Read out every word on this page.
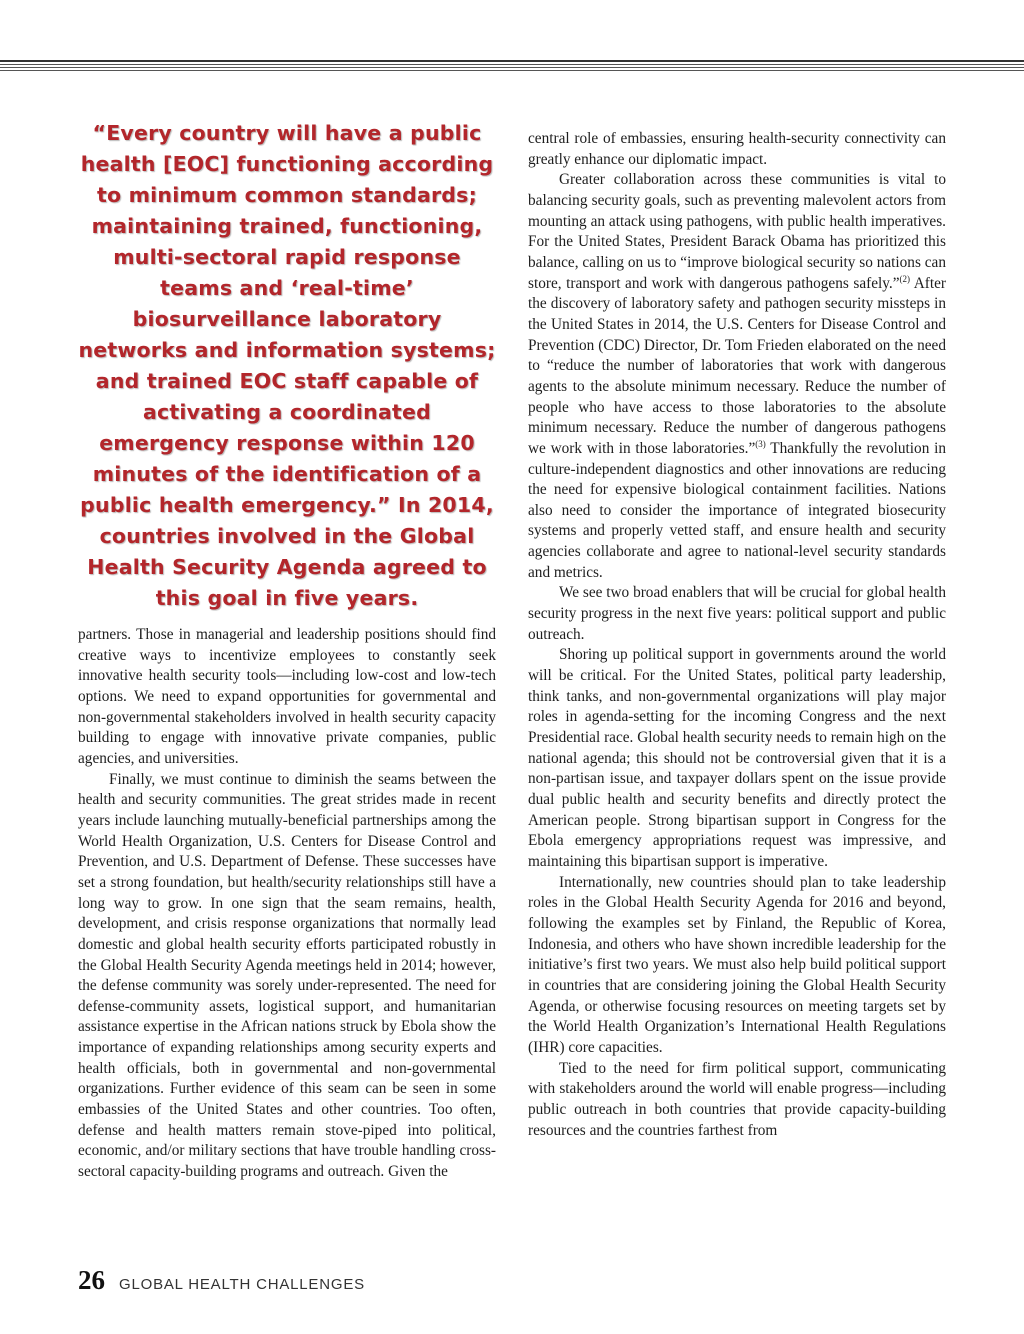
“Every country will have a public health [EOC] functioning according to minimum common standards; maintaining trained, functioning, multi-sectoral rapid response teams and ‘real-time’ biosurveillance laboratory networks and information systems; and trained EOC staff capable of activating a coordinated emergency response within 120 minutes of the identification of a public health emergency.” In 2014, countries involved in the Global Health Security Agenda agreed to this goal in five years.

partners. Those in managerial and leadership positions should find creative ways to incentivize employees to constantly seek innovative health security tools—including low-cost and low-tech options. We need to expand opportunities for governmental and non-governmental stakeholders involved in health security capacity building to engage with innovative private companies, public agencies, and universities.

Finally, we must continue to diminish the seams between the health and security communities. The great strides made in recent years include launching mutually-beneficial partnerships among the World Health Organization, U.S. Centers for Disease Control and Prevention, and U.S. Department of Defense. These successes have set a strong foundation, but health/security relationships still have a long way to grow. In one sign that the seam remains, health, development, and crisis response organizations that normally lead domestic and global health security efforts participated robustly in the Global Health Security Agenda meetings held in 2014; however, the defense community was sorely under-represented. The need for defense-community assets, logistical support, and humanitarian assistance expertise in the African nations struck by Ebola show the importance of expanding relationships among security experts and health officials, both in governmental and non-governmental organizations. Further evidence of this seam can be seen in some embassies of the United States and other countries. Too often, defense and health matters remain stove-piped into political, economic, and/or military sections that have trouble handling cross-sectoral capacity-building programs and outreach. Given the

central role of embassies, ensuring health-security connectivity can greatly enhance our diplomatic impact.

Greater collaboration across these communities is vital to balancing security goals, such as preventing malevolent actors from mounting an attack using pathogens, with public health imperatives. For the United States, President Barack Obama has prioritized this balance, calling on us to “improve biological security so nations can store, transport and work with dangerous pathogens safely.”$^{(2)}$ After the discovery of laboratory safety and pathogen security missteps in the United States in 2014, the U.S. Centers for Disease Control and Prevention (CDC) Director, Dr. Tom Frieden elaborated on the need to “reduce the number of laboratories that work with dangerous agents to the absolute minimum necessary. Reduce the number of people who have access to those laboratories to the absolute minimum necessary. Reduce the number of dangerous pathogens we work with in those laboratories.”$^{(3)}$ Thankfully the revolution in culture-independent diagnostics and other innovations are reducing the need for expensive biological containment facilities. Nations also need to consider the importance of integrated biosecurity systems and properly vetted staff, and ensure health and security agencies collaborate and agree to national-level security standards and metrics.

We see two broad enablers that will be crucial for global health security progress in the next five years: political support and public outreach.

Shoring up political support in governments around the world will be critical. For the United States, political party leadership, think tanks, and non-governmental organizations will play major roles in agenda-setting for the incoming Congress and the next Presidential race. Global health security needs to remain high on the national agenda; this should not be controversial given that it is a non-partisan issue, and taxpayer dollars spent on the issue provide dual public health and security benefits and directly protect the American people. Strong bipartisan support in Congress for the Ebola emergency appropriations request was impressive, and maintaining this bipartisan support is imperative.

Internationally, new countries should plan to take leadership roles in the Global Health Security Agenda for 2016 and beyond, following the examples set by Finland, the Republic of Korea, Indonesia, and others who have shown incredible leadership for the initiative’s first two years. We must also help build political support in countries that are considering joining the Global Health Security Agenda, or otherwise focusing resources on meeting targets set by the World Health Organization’s International Health Regulations (IHR) core capacities.

Tied to the need for firm political support, communicating with stakeholders around the world will enable progress—including public outreach in both countries that provide capacity-building resources and the countries farthest from

26 GLOBAL HEALTH CHALLENGES
